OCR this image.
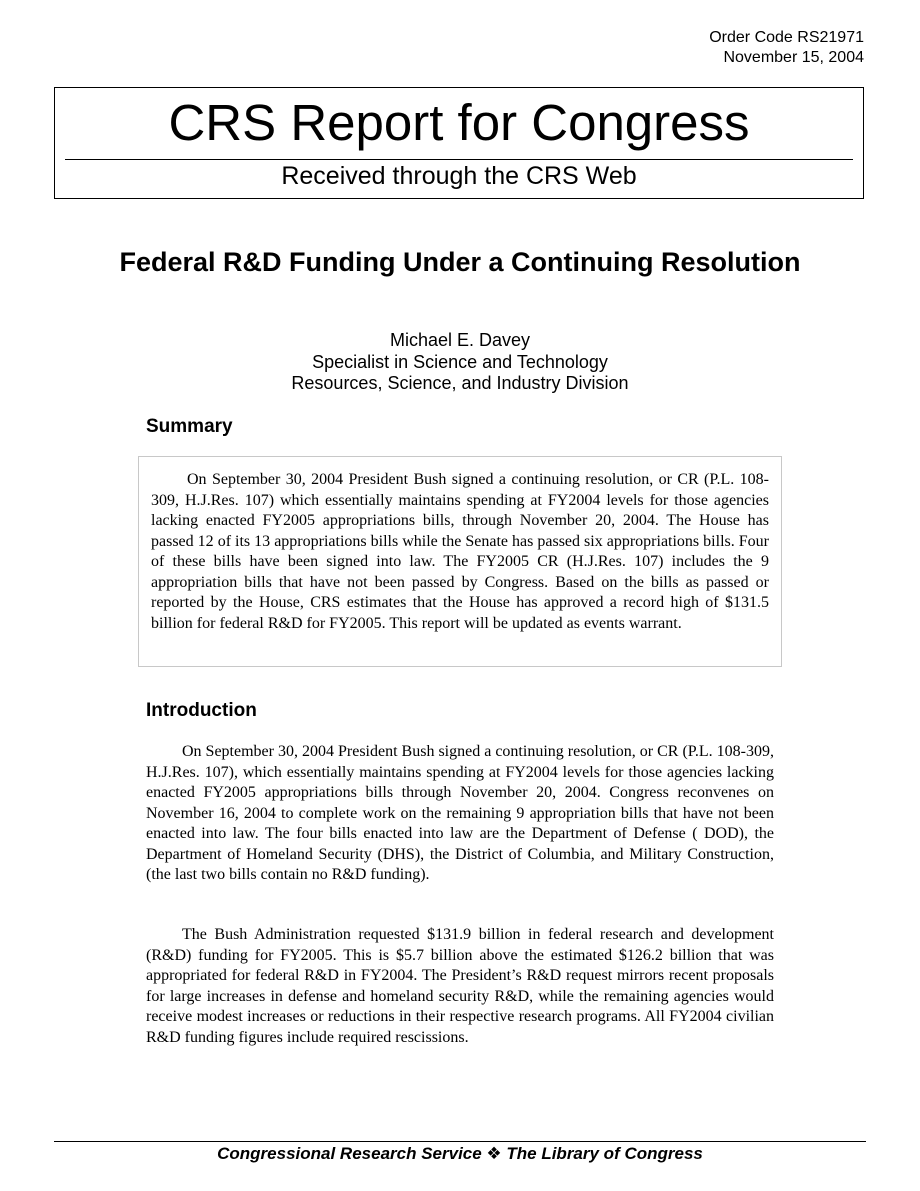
Order Code RS21971
November 15, 2004
CRS Report for Congress
Received through the CRS Web
Federal R&D Funding Under a Continuing Resolution
Michael E. Davey
Specialist in Science and Technology
Resources, Science, and Industry Division
Summary

On September 30, 2004 President Bush signed a continuing resolution, or CR (P.L. 108-309, H.J.Res. 107) which essentially maintains spending at FY2004 levels for those agencies lacking enacted FY2005 appropriations bills, through November 20, 2004. The House has passed 12 of its 13 appropriations bills while the Senate has passed six appropriations bills. Four of these bills have been signed into law. The FY2005 CR (H.J.Res. 107) includes the 9 appropriation bills that have not been passed by Congress. Based on the bills as passed or reported by the House, CRS estimates that the House has approved a record high of $131.5 billion for federal R&D for FY2005. This report will be updated as events warrant.

Introduction

On September 30, 2004 President Bush signed a continuing resolution, or CR (P.L. 108-309, H.J.Res. 107), which essentially maintains spending at FY2004 levels for those agencies lacking enacted FY2005 appropriations bills through November 20, 2004. Congress reconvenes on November 16, 2004 to complete work on the remaining 9 appropriation bills that have not been enacted into law. The four bills enacted into law are the Department of Defense ( DOD), the Department of Homeland Security (DHS), the District of Columbia, and Military Construction, (the last two bills contain no R&D funding).

The Bush Administration requested $131.9 billion in federal research and development (R&D) funding for FY2005. This is $5.7 billion above the estimated $126.2 billion that was appropriated for federal R&D in FY2004. The President’s R&D request mirrors recent proposals for large increases in defense and homeland security R&D, while the remaining agencies would receive modest increases or reductions in their respective research programs. All FY2004 civilian R&D funding figures include required rescissions.

Congressional Research Service ❖ The Library of Congress
